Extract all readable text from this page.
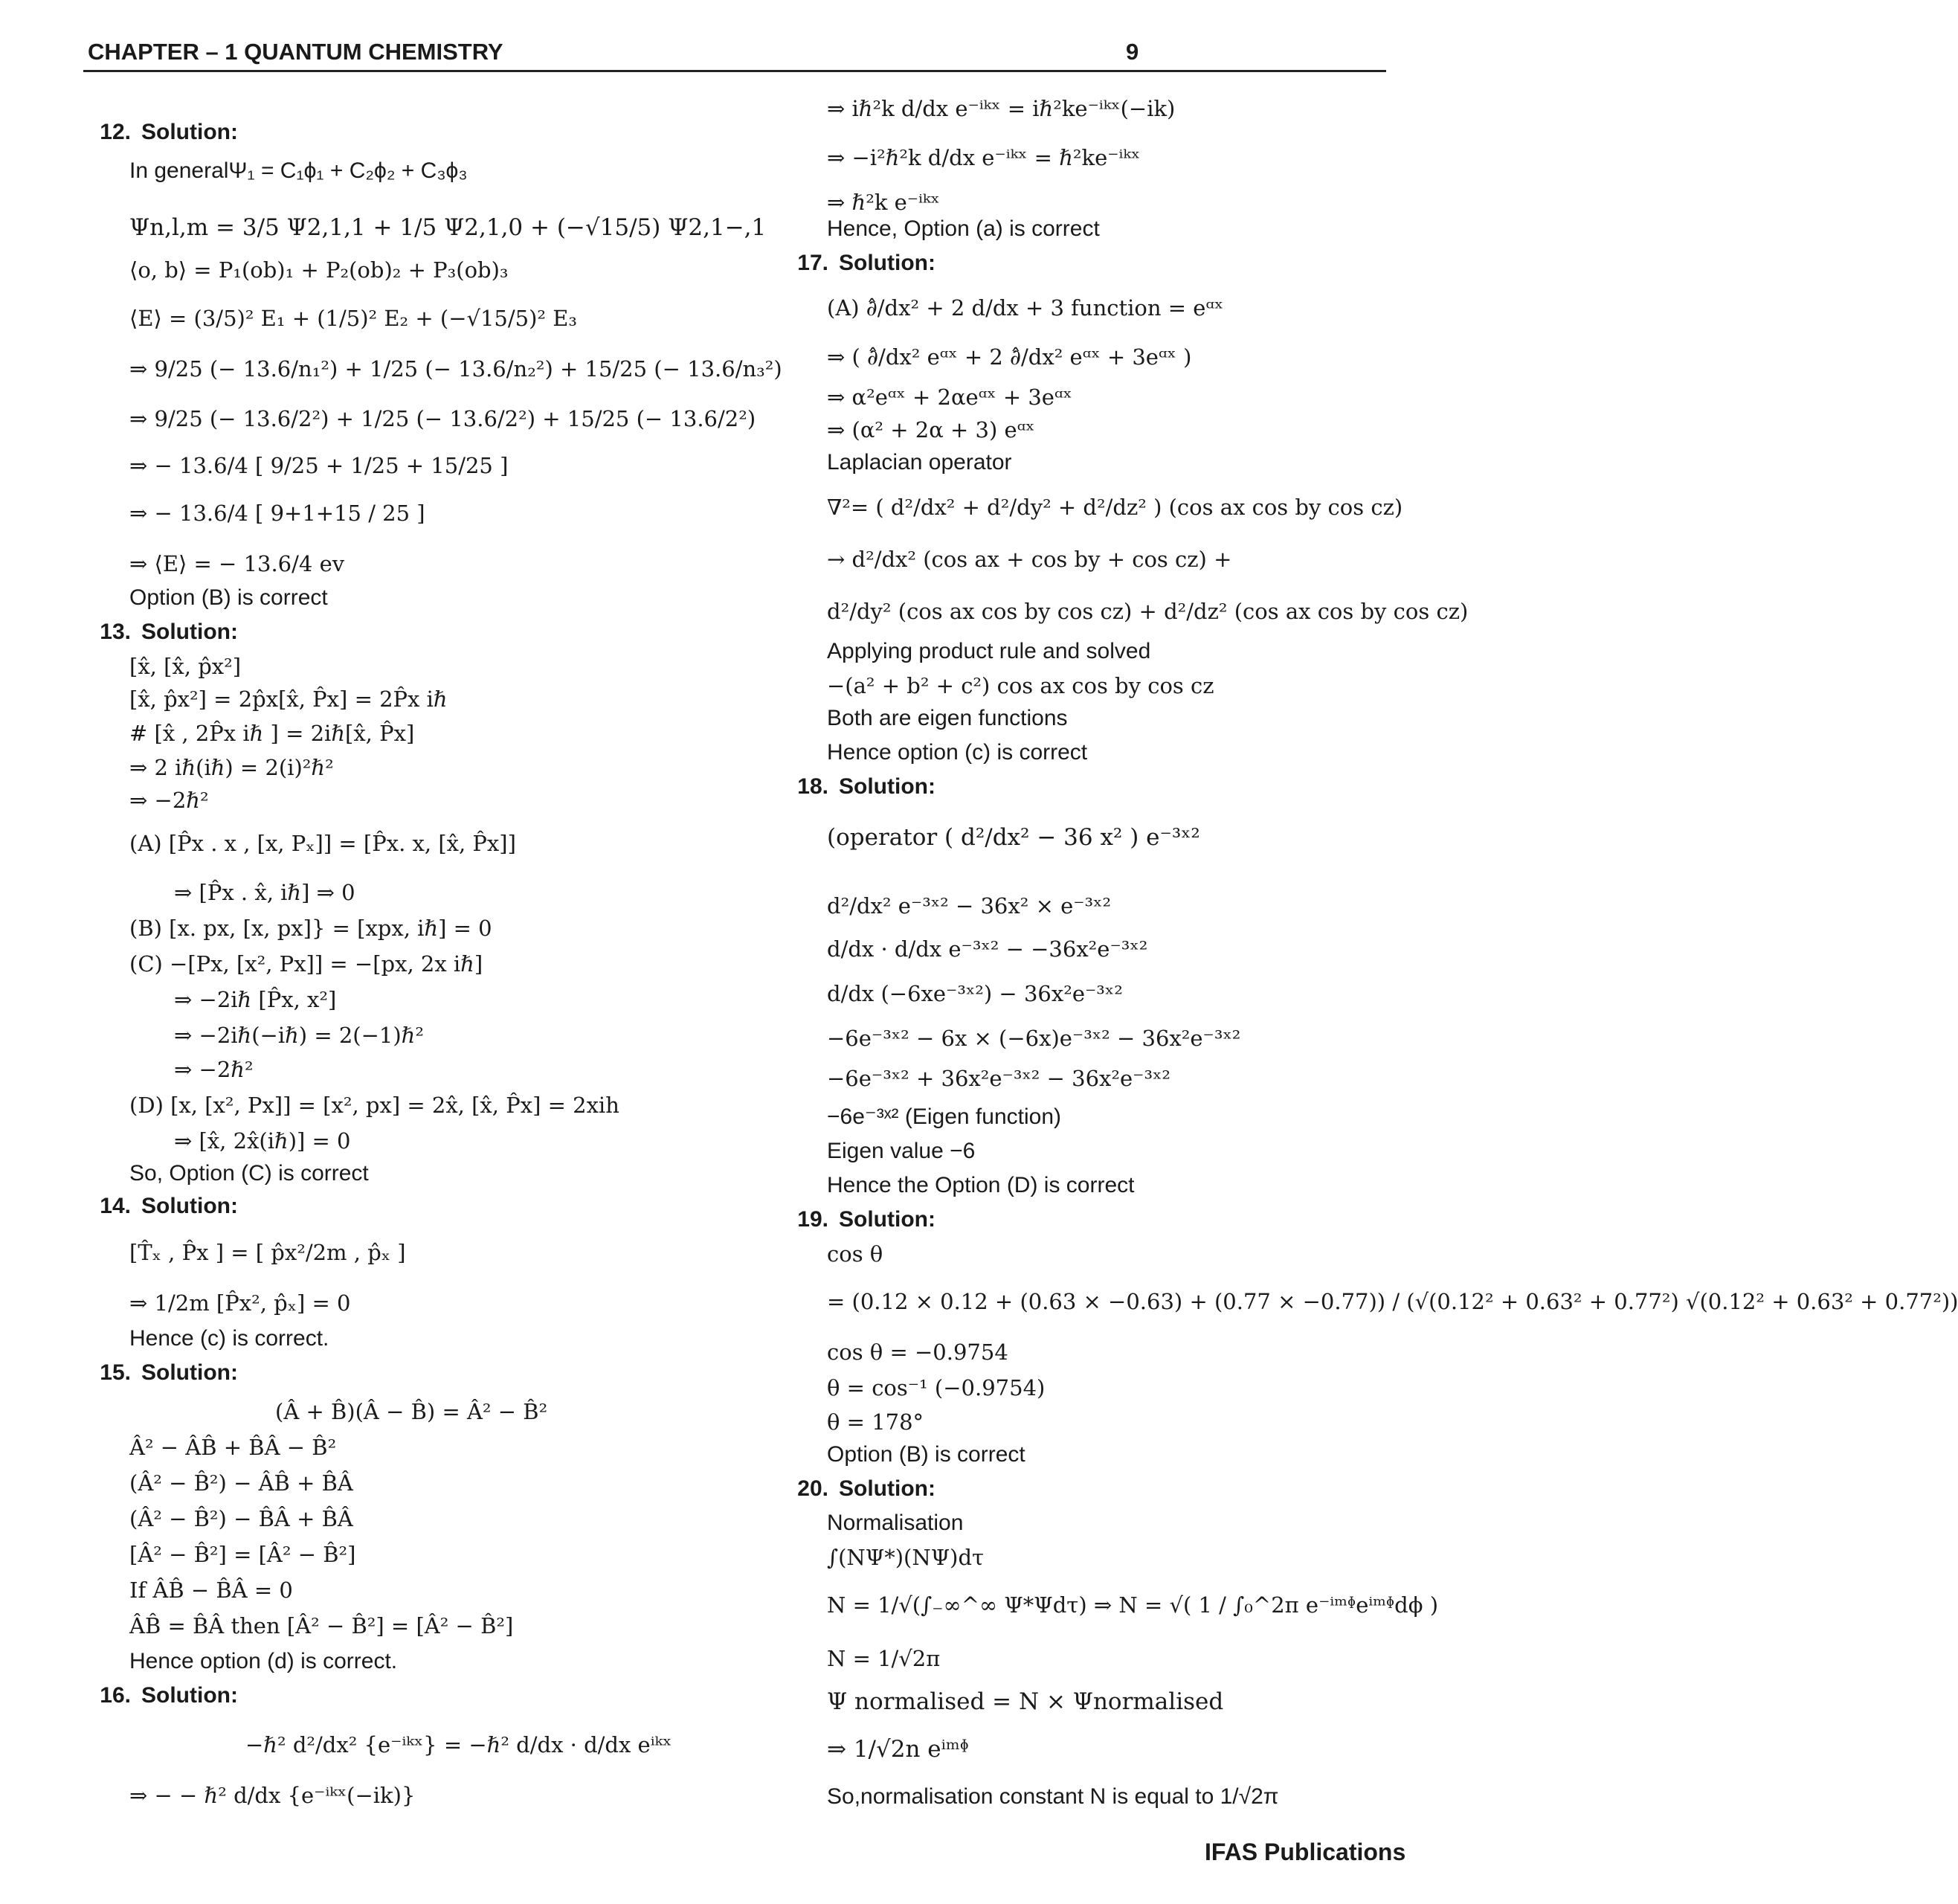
CHAPTER – 1 QUANTUM CHEMISTRY	9
12. Solution:
In generalΨ₁ = C₁ϕ₁ + C₂ϕ₂ + C₃ϕ₃
Ψn,l,m = 3/5 Ψ2,1,1 + 1/5 Ψ2,1,0 + (−√15/5) Ψ2,1−,1
⟨o, b⟩ = P₁(ob)₁ + P₂(ob)₂ + P₃(ob)₃
⟨E⟩ = (3/5)² E₁ + (1/5)² E₂ + (−√15/5)² E₃
⇒ 9/25 (− 13.6/n₁²) + 1/25 (− 13.6/n₂²) + 15/25 (− 13.6/n₃²)
⇒ 9/25 (− 13.6/2²) + 1/25 (− 13.6/2²) + 15/25 (− 13.6/2²)
⇒ − 13.6/4 [ 9/25 + 1/25 + 15/25 ]
⇒ − 13.6/4 [ 9+1+15 / 25 ]
⇒ ⟨E⟩ = − 13.6/4 ev
Option (B) is correct
13. Solution:
[x̂, [x̂, p̂x²]
[x̂, p̂x²] = 2p̂x[x̂, P̂x] = 2P̂x iℏ
# [x̂ , 2P̂x iℏ ] = 2iℏ[x̂, P̂x]
⇒ 2 iℏ(iℏ) = 2(i)²ℏ²
⇒ −2ℏ²
(A) [P̂x . x , [x, Pₓ]] = [P̂x. x, [x̂, P̂x]]
⇒ [P̂x . x̂, iℏ] ⇒ 0
(B) [x. px, [x, px]} = [xpx, iℏ] = 0
(C) −[Px, [x², Px]] = −[px, 2x iℏ]
⇒ −2iℏ [P̂x, x²]
⇒ −2iℏ(−iℏ) = 2(−1)ℏ²
⇒ −2ℏ²
(D) [x, [x², Px]] = [x², px] = 2x̂, [x̂, P̂x] = 2xih
⇒ [x̂, 2x̂(iℏ)] = 0
So, Option (C) is correct
14. Solution:
[T̂ₓ , P̂x ] = [ p̂x²/2m , p̂ₓ ]
⇒ 1/2m [P̂x², p̂ₓ] = 0
Hence (c) is correct.
15. Solution:
(Â + B̂)(Â − B̂) = Â² − B̂²
Â² − ÂB̂ + B̂Â − B̂²
(Â² − B̂²) − ÂB̂ + B̂Â
(Â² − B̂²) − B̂Â + B̂Â
[Â² − B̂²] = [Â² − B̂²]
If ÂB̂ − B̂Â = 0
ÂB̂ = B̂Â then [Â² − B̂²] = [Â² − B̂²]
Hence option (d) is correct.
16. Solution:
−ℏ² d²/dx² {e⁻ⁱᵏˣ} = −ℏ² d/dx · d/dx eⁱᵏˣ
⇒ − − ℏ² d/dx {e⁻ⁱᵏˣ(−ik)}
⇒ iℏ²k d/dx e⁻ⁱᵏˣ = iℏ²ke⁻ⁱᵏˣ(−ik)
⇒ −i²ℏ²k d/dx e⁻ⁱᵏˣ = ℏ²ke⁻ⁱᵏˣ
⇒ ℏ²k e⁻ⁱᵏˣ
Hence, Option (a) is correct
17. Solution:
(A) ∂̂/dx² + 2 d/dx + 3 function = eᵅˣ
⇒ ( ∂̂/dx² eᵅˣ + 2 ∂̂/dx² eᵅˣ + 3eᵅˣ )
⇒ α²eᵅˣ + 2αeᵅˣ + 3eᵅˣ
⇒ (α² + 2α + 3) eᵅˣ
Laplacian operator
∇²= ( d²/dx² + d²/dy² + d²/dz² ) (cos ax cos by cos cz)
→ d²/dx² (cos ax + cos by + cos cz) +
d²/dy² (cos ax cos by cos cz) + d²/dz² (cos ax cos by cos cz)
Applying product rule and solved
−(a² + b² + c²) cos ax cos by cos cz
Both are eigen functions
Hence option (c) is correct
18. Solution:
(operator ( d²/dx² − 36 x² ) e⁻³ˣ²
d²/dx² e⁻³ˣ² − 36x² × e⁻³ˣ²
d/dx · d/dx e⁻³ˣ² − −36x²e⁻³ˣ²
d/dx (−6xe⁻³ˣ²) − 36x²e⁻³ˣ²
−6e⁻³ˣ² − 6x × (−6x)e⁻³ˣ² − 36x²e⁻³ˣ²
−6e⁻³ˣ² + 36x²e⁻³ˣ² − 36x²e⁻³ˣ²
−6e⁻³ˣ² (Eigen function)
Eigen value −6
Hence the Option (D) is correct
19. Solution:
cos θ
= (0.12 × 0.12 + (0.63 × −0.63) + (0.77 × −0.77)) / (√(0.12² + 0.63² + 0.77²) √(0.12² + 0.63² + 0.77²))
cos θ = −0.9754
θ = cos⁻¹ (−0.9754)
θ = 178°
Option (B) is correct
20. Solution:
Normalisation
∫(NΨ*)(NΨ)dτ
N = 1/√(∫₋∞^∞ Ψ*Ψdτ) ⇒ N = √( 1 / ∫₀^2π e⁻ⁱᵐᶲeⁱᵐᶲdϕ )
N = 1/√2π
Ψ normalised = N × Ψnormalised
⇒ 1/√2n eⁱᵐᶲ
So,normalisation constant N is equal to 1/√2π
IFAS Publications
